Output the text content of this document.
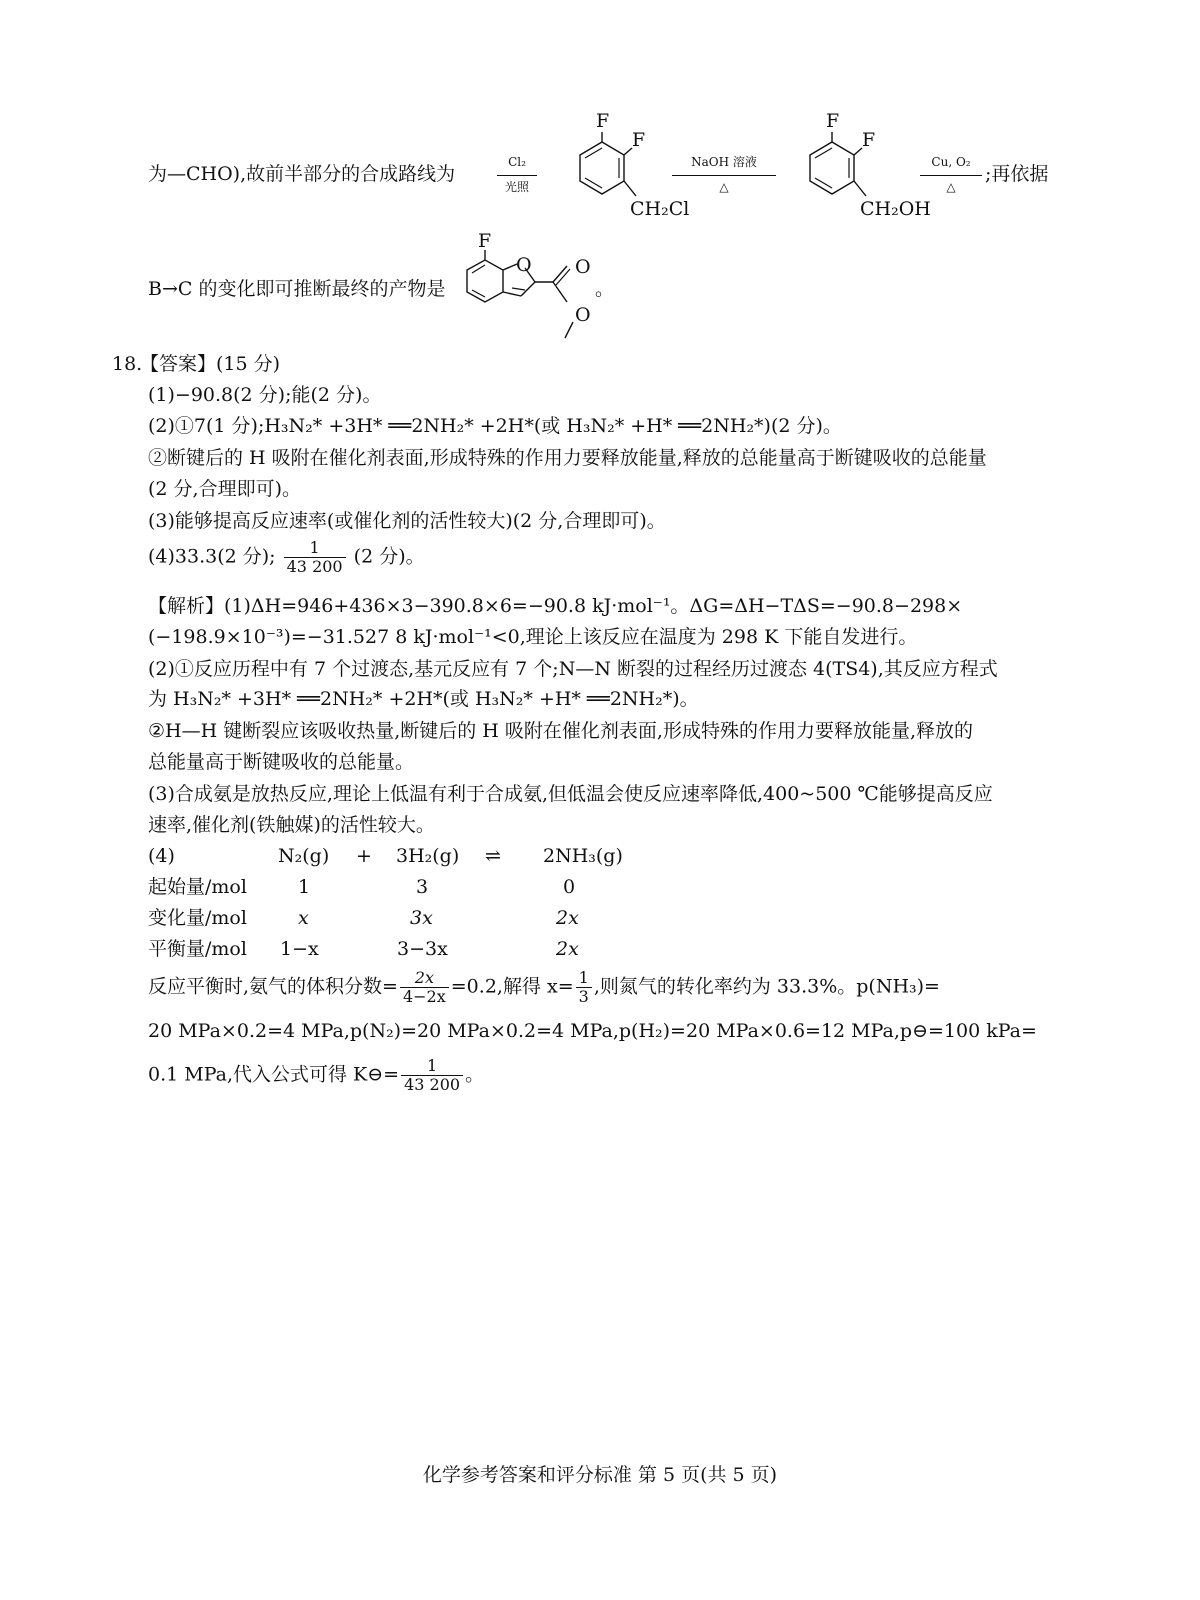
为—CHO),故前半部分的合成路线为
Cl₂
光照
F
F
CH₂Cl
NaOH 溶液
△
F
F
CH₂OH
Cu, O₂
△
;再依据
B→C 的变化即可推断最终的产物是
F
O O
O
。
18.
【答案】(15 分)
(1)−90.8(2 分);能(2 分)。
(2)①7(1 分);H₃N₂* +3H* ══2NH₂* +2H*(或 H₃N₂* +H* ══2NH₂*)(2 分)。
②断键后的 H 吸附在催化剂表面,形成特殊的作用力要释放能量,释放的总能量高于断键吸收的总能量
(2 分,合理即可)。
(3)能够提高反应速率(或催化剂的活性较大)(2 分,合理即可)。
(4)33.3(2 分); $\frac{1}{43 200} (2$ 分)。
【解析】(1)ΔH=946+436×3−390.8×6=−90.8 kJ·mol⁻¹。ΔG=ΔH−TΔS=−90.8−298×
(−198.9×10⁻³)=−31.527 8 kJ·mol⁻¹<0,理论上该反应在温度为 298 K 下能自发进行。
(2)①反应历程中有 7 个过渡态,基元反应有 7 个;N—N 断裂的过程经历过渡态 4(TS4),其反应方程式
为 H₃N₂* +3H* ══2NH₂* +2H*(或 H₃N₂* +H* ══2NH₂*)。
②H—H 键断裂应该吸收热量,断键后的 H 吸附在催化剂表面,形成特殊的作用力要释放能量,释放的
总能量高于断键吸收的总能量。
(3)合成氨是放热反应,理论上低温有利于合成氨,但低温会使反应速率降低,400~500 ℃能够提高反应
速率,催化剂(铁触媒)的活性较大。
(4)	N₂(g) + 3H₂(g) ⇌ 2NH₃(g)
起始量/mol	1	3	0
变化量/mol	x	3x	2x
平衡量/mol 1−x	3−3x	2x
反应平衡时,氨气的体积分数= $\frac{2x}{4-2x} =0.2$,解得 $x= \frac{1}{3}$ ,则氮气的转化率约为 33.3%。p(NH₃)=
20 MPa×0.2=4 MPa,p(N₂)=20 MPa×0.2=4 MPa,p(H₂)=20 MPa×0.6=12 MPa,p⊖=100 kPa=
0.1 MPa,代入公式可得 K⊖= $\frac{1}{43 200}$ 。
化学参考答案和评分标准 第 5 页(共 5 页)
